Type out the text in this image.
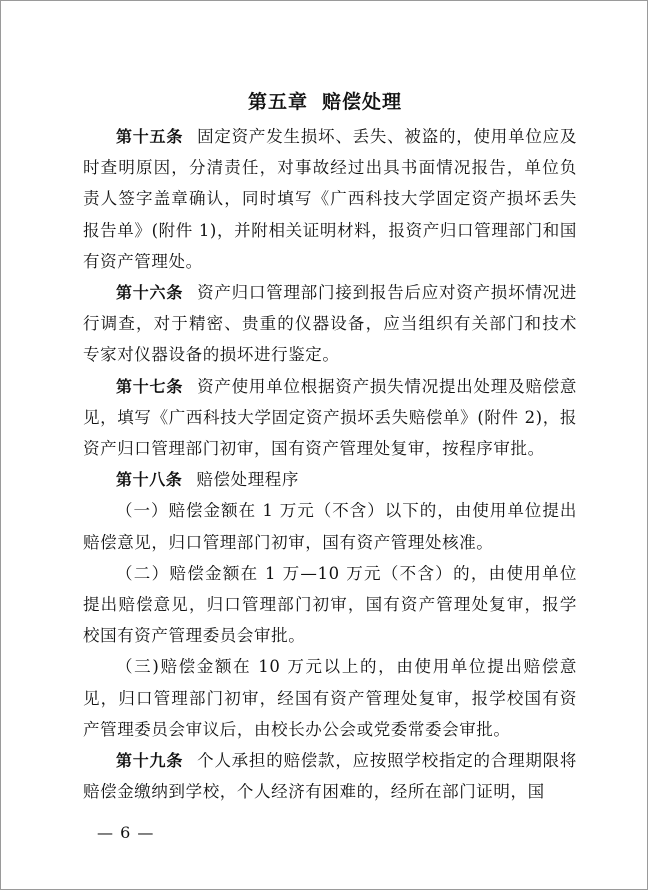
第五章 赔偿处理

第十五条 固定资产发生损坏、丢失、被盗的，使用单位应及时查明原因，分清责任，对事故经过出具书面情况报告，单位负责人签字盖章确认，同时填写《广西科技大学固定资产损坏丢失报告单》(附件 1)，并附相关证明材料，报资产归口管理部门和国有资产管理处。

第十六条 资产归口管理部门接到报告后应对资产损坏情况进行调查，对于精密、贵重的仪器设备，应当组织有关部门和技术专家对仪器设备的损坏进行鉴定。

第十七条 资产使用单位根据资产损失情况提出处理及赔偿意见，填写《广西科技大学固定资产损坏丢失赔偿单》(附件 2)，报资产归口管理部门初审，国有资产管理处复审，按程序审批。

第十八条 赔偿处理程序

（一）赔偿金额在 1 万元（不含）以下的，由使用单位提出赔偿意见，归口管理部门初审，国有资产管理处核准。

（二）赔偿金额在 1 万—10 万元（不含）的，由使用单位提出赔偿意见，归口管理部门初审，国有资产管理处复审，报学校国有资产管理委员会审批。

（三)赔偿金额在 10 万元以上的，由使用单位提出赔偿意见，归口管理部门初审，经国有资产管理处复审，报学校国有资产管理委员会审议后，由校长办公会或党委常委会审批。

第十九条 个人承担的赔偿款，应按照学校指定的合理期限将赔偿金缴纳到学校，个人经济有困难的，经所在部门证明，国

— 6 —
